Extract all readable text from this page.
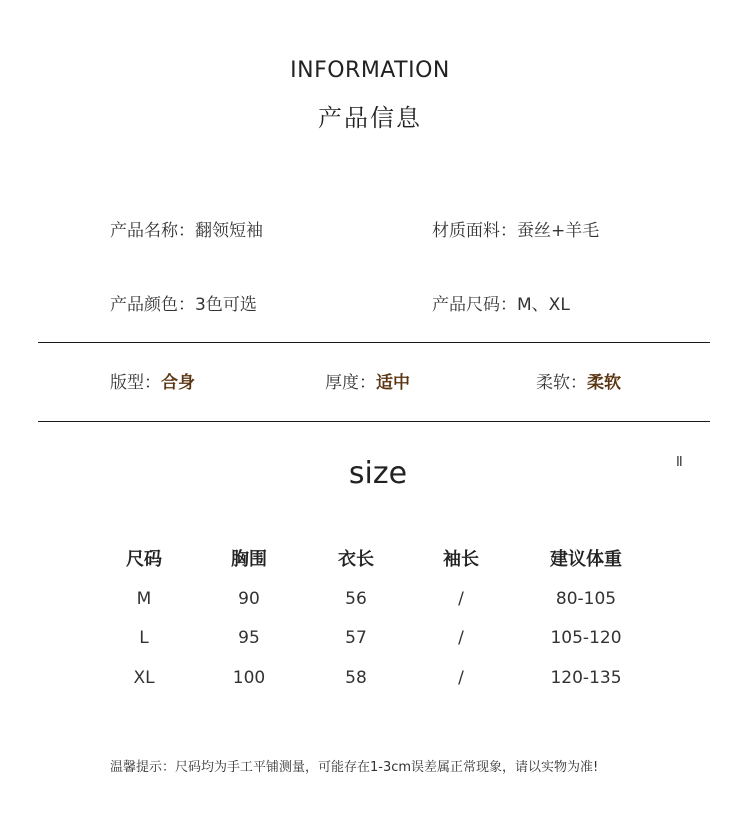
INFORMATION
产品信息
产品名称：翻领短袖	材质面料：蚕丝+羊毛
产品颜色：3色可选	产品尺码：M、XL
版型：合身	厚度：适中	柔软：柔软
size	II
尺码	胸围	衣长	袖长	建议体重
M	90	56	/	80-105
L	95	57	/	105-120
XL	100	58	/	120-135
温馨提示：尺码均为手工平铺测量，可能存在1-3cm误差属正常现象，请以实物为准!
